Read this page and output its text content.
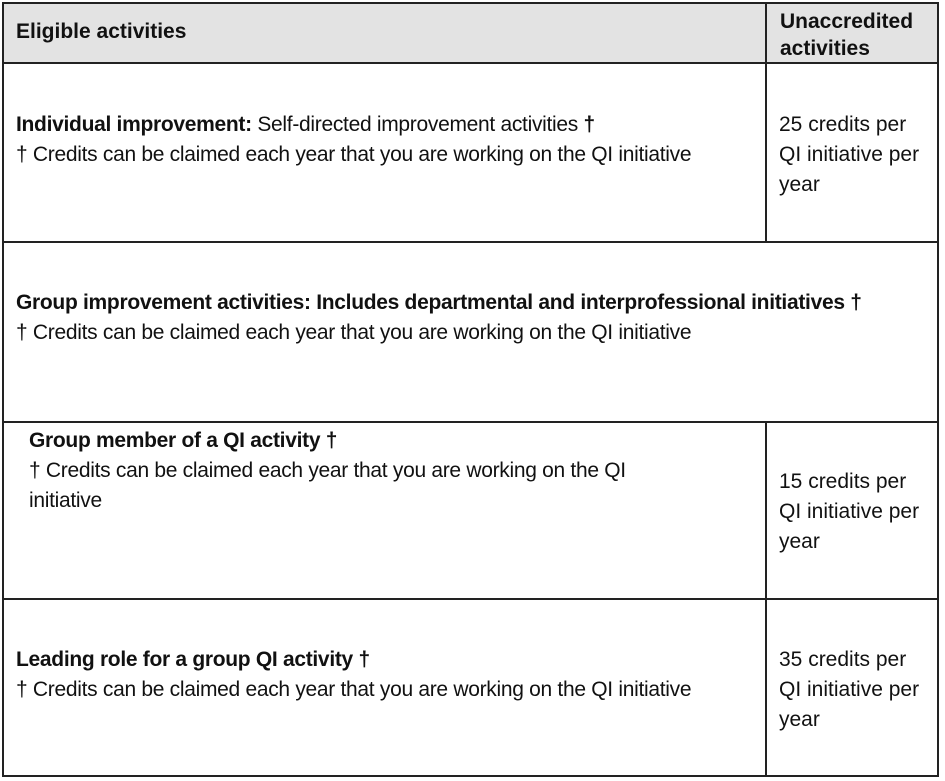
Eligible activities	Unaccredited activities
Individual improvement: Self-directed improvement activities †
† Credits can be claimed each year that you are working on the QI initiative
25 credits per QI initiative per year
Group improvement activities: Includes departmental and interprofessional initiatives †
† Credits can be claimed each year that you are working on the QI initiative
Group member of a QI activity †
† Credits can be claimed each year that you are working on the QI initiative
15 credits per QI initiative per year
Leading role for a group QI activity †
† Credits can be claimed each year that you are working on the QI initiative
35 credits per QI initiative per year
